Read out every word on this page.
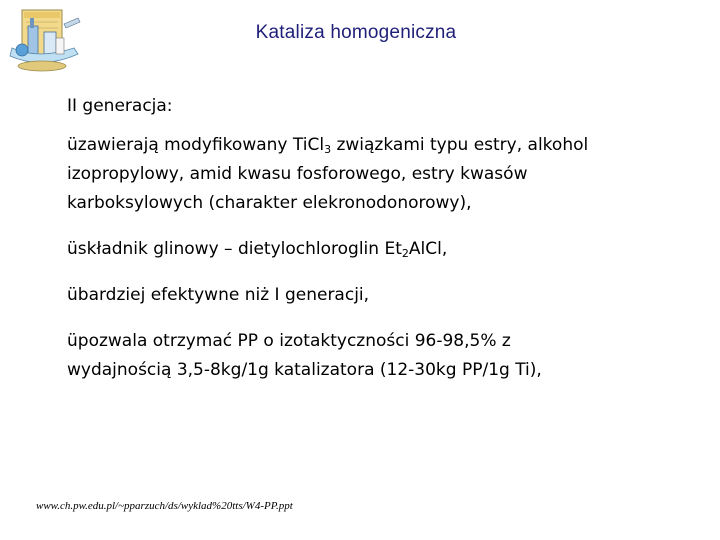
Kataliza homogeniczna
II generacja:
üzawierają modyfikowany TiCl$_3$ związkami typu estry, alkohol
izopropylowy, amid kwasu fosforowego, estry kwasów
karboksylowych (charakter elekronodonorowy),
üskładnik glinowy – dietylochloroglin $Et_2AlCl$,
übardziej efektywne niż I generacji,
üpozwala otrzymać PP o izotaktyczności 96-98,5% z
wydajnością 3,5-8kg/1g katalizatora (12-30kg PP/1g Ti),
www.ch.pw.edu.pl/~pparzuch/ds/wyklad%20tts/W4-PP.ppt
